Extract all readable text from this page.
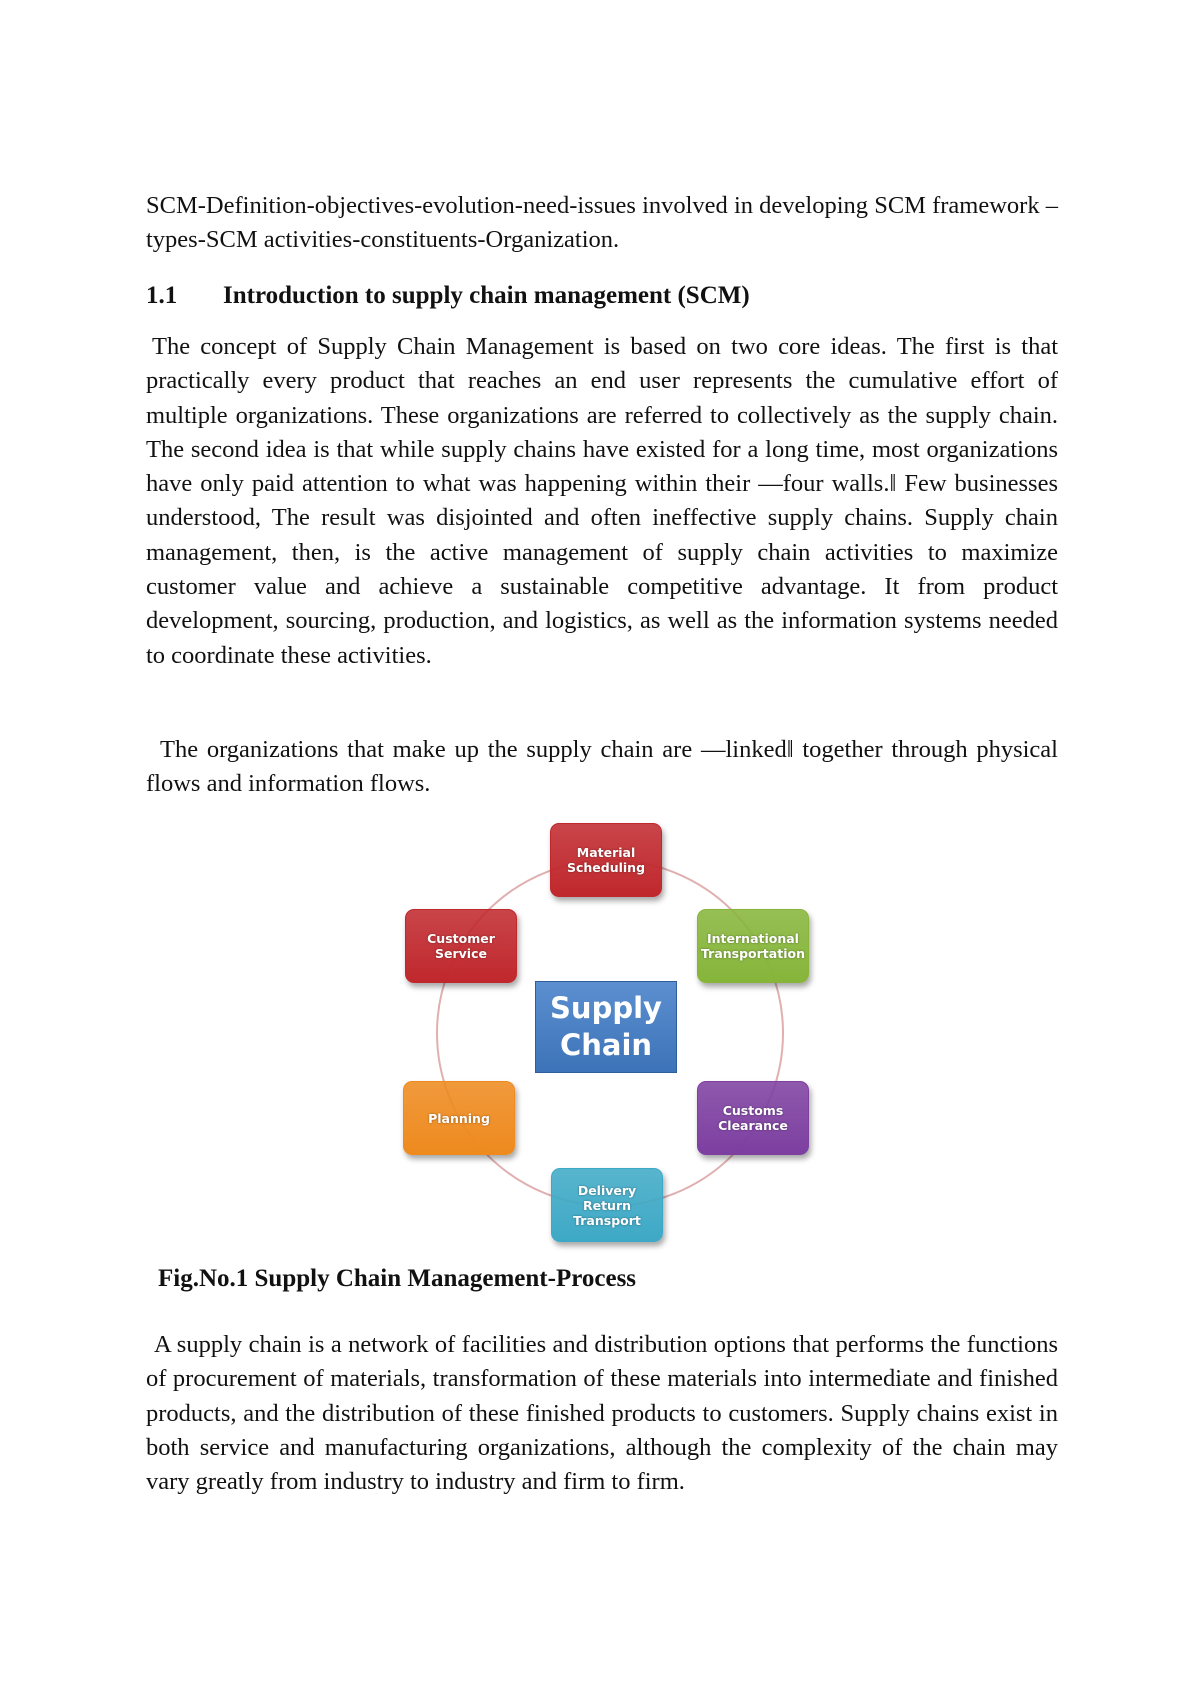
SCM-Definition-objectives-evolution-need-issues involved in developing SCM framework –types-SCM activities-constituents-Organization.

1.1 Introduction to supply chain management (SCM)

The concept of Supply Chain Management is based on two core ideas. The first is that practically every product that reaches an end user represents the cumulative effort of multiple organizations. These organizations are referred to collectively as the supply chain. The second idea is that while supply chains have existed for a long time, most organizations have only paid attention to what was happening within their ―four walls.‖ Few businesses understood, The result was disjointed and often ineffective supply chains. Supply chain management, then, is the active management of supply chain activities to maximize customer value and achieve a sustainable competitive advantage. It from product development, sourcing, production, and logistics, as well as the information systems needed to coordinate these activities.

The organizations that make up the supply chain are ―linked‖ together through physical flows and information flows.

Supply
Chain
Material
Scheduling
International
Transportation
Customs
Clearance
Delivery Return
Transport
Planning
Customer
Service
Fig.No.1 Supply Chain Management-Process

A supply chain is a network of facilities and distribution options that performs the functions of procurement of materials, transformation of these materials into intermediate and finished products, and the distribution of these finished products to customers. Supply chains exist in both service and manufacturing organizations, although the complexity of the chain may vary greatly from industry to industry and firm to firm.
